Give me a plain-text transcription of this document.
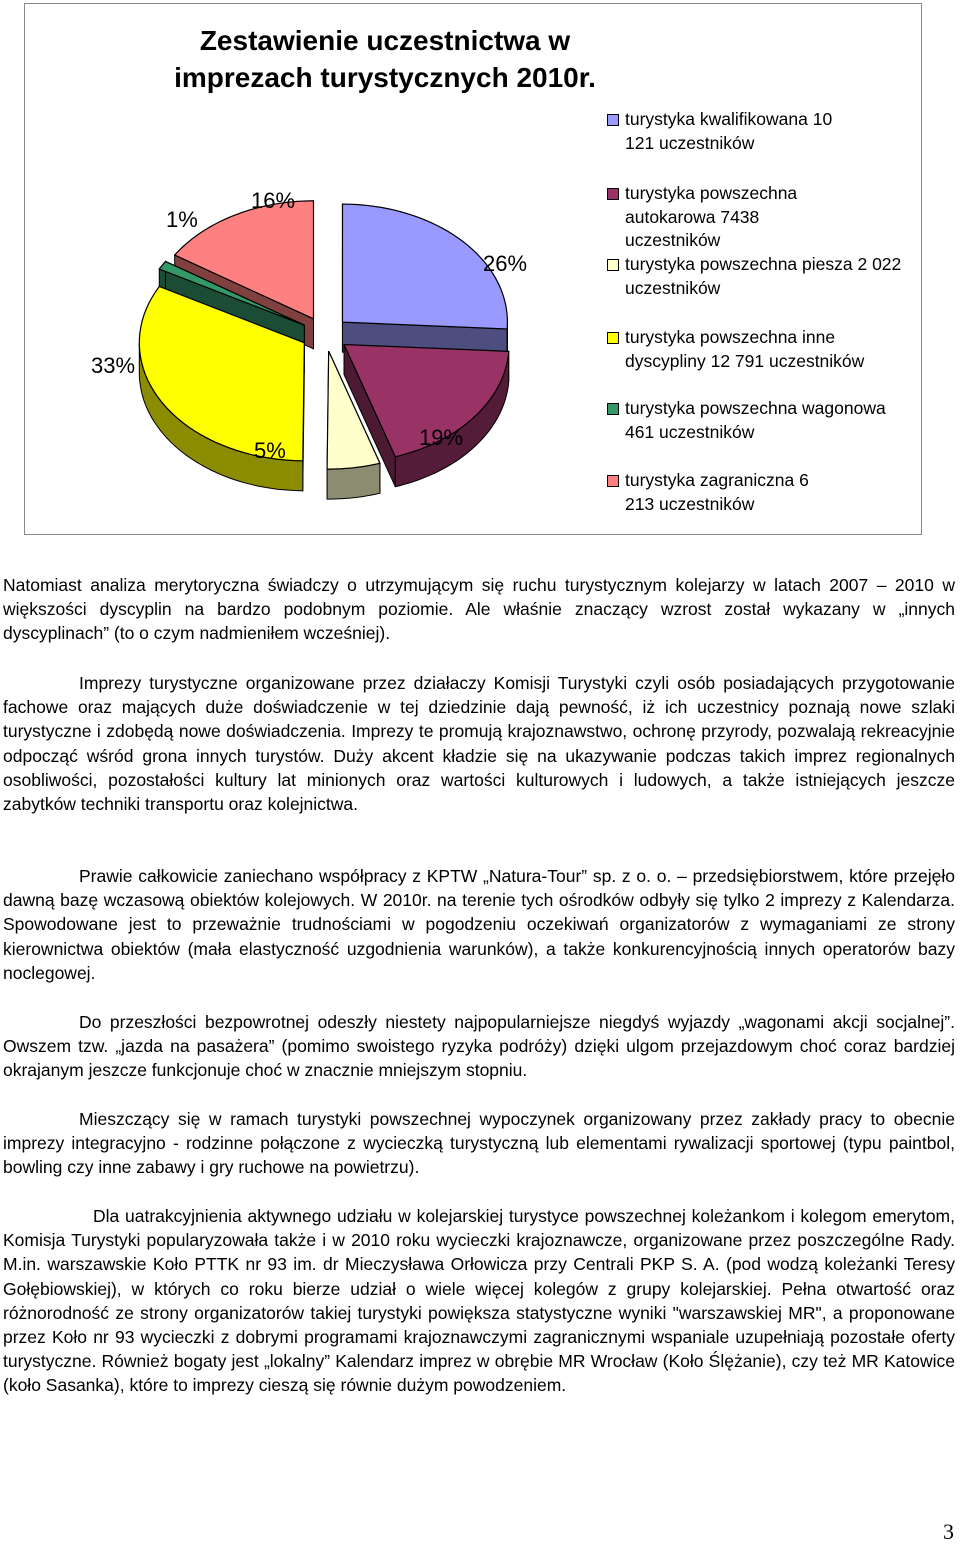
Zestawienie uczestnictwa w imprezach turystycznych 2010r.
1%
16%
26%
33%
5%
19%
turystyka kwalifikowana 10 121 uczestników
turystyka powszechna autokarowa 7438 uczestników
turystyka powszechna piesza 2 022 uczestników
turystyka powszechna inne dyscypliny 12 791 uczestników
turystyka powszechna wagonowa 461 uczestników
turystyka zagraniczna 6 213 uczestników

Natomiast analiza merytoryczna świadczy o utrzymującym się ruchu turystycznym kolejarzy w latach 2007 – 2010 w większości dyscyplin na bardzo podobnym poziomie. Ale właśnie znaczący wzrost został wykazany w „innych dyscyplinach” (to o czym nadmieniłem wcześniej).

Imprezy turystyczne organizowane przez działaczy Komisji Turystyki czyli osób posiadających przygotowanie fachowe oraz mających duże doświadczenie w tej dziedzinie dają pewność, iż ich uczestnicy poznają nowe szlaki turystyczne i zdobędą nowe doświadczenia. Imprezy te promują krajoznawstwo, ochronę przyrody, pozwalają rekreacyjnie odpocząć wśród grona innych turystów. Duży akcent kładzie się na ukazywanie podczas takich imprez regionalnych osobliwości, pozostałości kultury lat minionych oraz wartości kulturowych i ludowych, a także istniejących jeszcze zabytków techniki transportu oraz kolejnictwa.

Prawie całkowicie zaniechano współpracy z KPTW „Natura-Tour” sp. z o. o. – przedsiębiorstwem, które przejęło dawną bazę wczasową obiektów kolejowych. W 2010r. na terenie tych ośrodków odbyły się tylko 2 imprezy z Kalendarza. Spowodowane jest to przeważnie trudnościami w pogodzeniu oczekiwań organizatorów z wymaganiami ze strony kierownictwa obiektów (mała elastyczność uzgodnienia warunków), a także konkurencyjnością innych operatorów bazy noclegowej.

Do przeszłości bezpowrotnej odeszły niestety najpopularniejsze niegdyś wyjazdy „wagonami akcji socjalnej”. Owszem tzw. „jazda na pasażera” (pomimo swoistego ryzyka podróży) dzięki ulgom przejazdowym choć coraz bardziej okrajanym jeszcze funkcjonuje choć w znacznie mniejszym stopniu.

Mieszczący się w ramach turystyki powszechnej wypoczynek organizowany przez zakłady pracy to obecnie imprezy integracyjno - rodzinne połączone z wycieczką turystyczną lub elementami rywalizacji sportowej (typu paintbol, bowling czy inne zabawy i gry ruchowe na powietrzu).

Dla uatrakcyjnienia aktywnego udziału w kolejarskiej turystyce powszechnej koleżankom i kolegom emerytom, Komisja Turystyki popularyzowała także i w 2010 roku wycieczki krajoznawcze, organizowane przez poszczególne Rady. M.in. warszawskie Koło PTTK nr 93 im. dr Mieczysława Orłowicza przy Centrali PKP S. A. (pod wodzą koleżanki Teresy Gołębiowskiej), w których co roku bierze udział o wiele więcej kolegów z grupy kolejarskiej. Pełna otwartość oraz różnorodność ze strony organizatorów takiej turystyki powiększa statystyczne wyniki "warszawskiej MR", a proponowane przez Koło nr 93 wycieczki z dobrymi programami krajoznawczymi zagranicznymi wspaniale uzupełniają pozostałe oferty turystyczne. Również bogaty jest „lokalny” Kalendarz imprez w obrębie MR Wrocław (Koło Ślężanie), czy też MR Katowice (koło Sasanka), które to imprezy cieszą się równie dużym powodzeniem.

3
